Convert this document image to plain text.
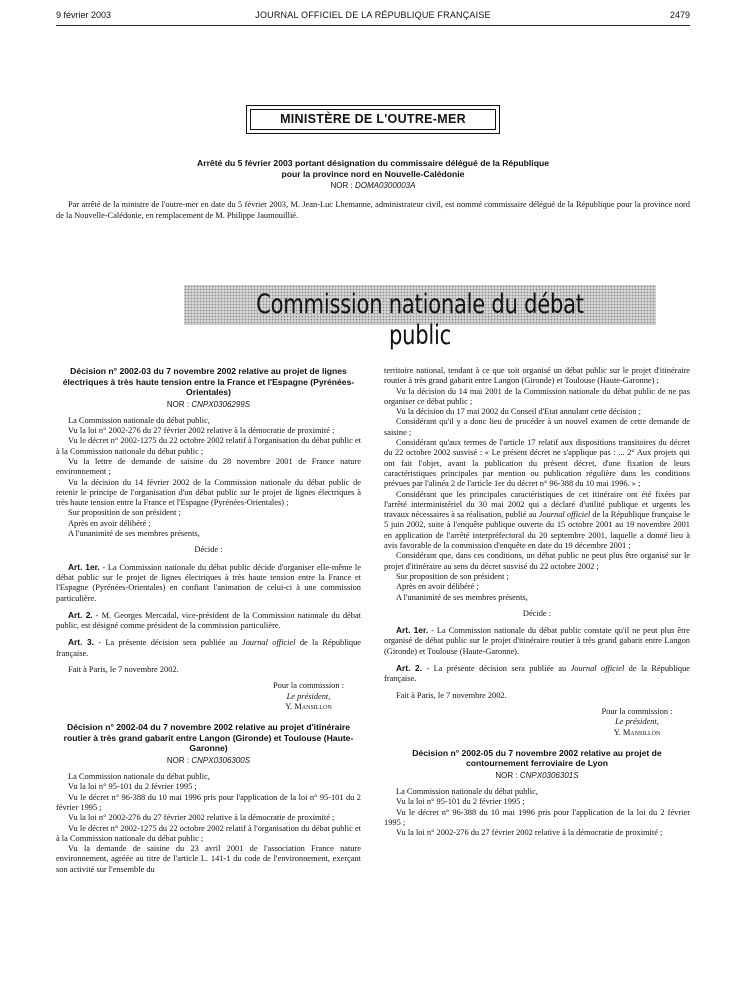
9 février 2003	JOURNAL OFFICIEL DE LA RÉPUBLIQUE FRANÇAISE	2479
MINISTÈRE DE L'OUTRE-MER
Arrêté du 5 février 2003 portant désignation du commissaire délégué de la République
pour la province nord en Nouvelle-Calédonie
NOR : DOMA0300003A

Par arrêté de la ministre de l'outre-mer en date du 5 février 2003, M. Jean-Luc Lhemanne, administrateur civil, est nommé commissaire délégué de la République pour la province nord de la Nouvelle-Calédonie, en remplacement de M. Philippe Jaumouillié.

Commission nationale du débat public
Décision n° 2002-03 du 7 novembre 2002 relative au projet de lignes électriques à très haute tension entre la France et l'Espagne (Pyrénées-Orientales)
NOR : CNPX0306299S

La Commission nationale du débat public,

Vu la loi n° 2002-276 du 27 février 2002 relative à la démocratie de proximité ;

Vu le décret n° 2002-1275 du 22 octobre 2002 relatif à l'organisation du débat public et à la Commission nationale du débat public ;

Vu la lettre de demande de saisine du 28 novembre 2001 de France nature environnement ;

Vu la décision du 14 février 2002 de la Commission nationale du débat public de retenir le principe de l'organisation d'un débat public sur le projet de lignes électriques à très haute tension entre la France et l'Espagne (Pyrénées-Orientales) ;

Sur proposition de son président ;

Après en avoir délibéré ;

A l'unanimité de ses membres présents,

Décide :

Art. 1er. - La Commission nationale du débat public décide d'organiser elle-même le débat public sur le projet de lignes électriques à très haute tension entre la France et l'Espagne (Pyrénées-Orientales) en confiant l'animation de celui-ci à une commission particulière.

Art. 2. - M. Georges Mercadal, vice-président de la Commission nationale du débat public, est désigné comme président de la commission particulière.

Art. 3. - La présente décision sera publiée au Journal officiel de la République française.

Fait à Paris, le 7 novembre 2002.

Pour la commission :
Le président,
Y. Mansillon
Décision n° 2002-04 du 7 novembre 2002 relative au projet d'itinéraire routier à très grand gabarit entre Langon (Gironde) et Toulouse (Haute-Garonne)
NOR : CNPX0306300S

La Commission nationale du débat public,

Vu la loi n° 95-101 du 2 février 1995 ;

Vu le décret n° 96-388 du 10 mai 1996 pris pour l'application de la loi n° 95-101 du 2 février 1995 ;

Vu la loi n° 2002-276 du 27 février 2002 relative à la démocratie de proximité ;

Vu le décret n° 2002-1275 du 22 octobre 2002 relatif à l'organisation du débat public et à la Commission nationale du débat public ;

Vu la demande de saisine du 23 avril 2001 de l'association France nature environnement, agréée au titre de l'article L. 141-1 du code de l'environnement, exerçant son activité sur l'ensemble du

territoire national, tendant à ce que soit organisé un débat public sur le projet d'itinéraire routier à très grand gabarit entre Langon (Gironde) et Toulouse (Haute-Garonne) ;

Vu la décision du 14 mai 2001 de la Commission nationale du débat public de ne pas organiser ce débat public ;

Vu la décision du 17 mai 2002 du Conseil d'Etat annulant cette décision ;

Considérant qu'il y a donc lieu de procéder à un nouvel examen de cette demande de saisine ;

Considérant qu'aux termes de l'article 17 relatif aux dispositions transitoires du décret du 22 octobre 2002 susvisé : « Le présent décret ne s'applique pas : ... 2° Aux projets qui ont fait l'objet, avant la publication du présent décret, d'une fixation de leurs caractéristiques principales par mention ou publication régulière dans les conditions prévues par l'alinéa 2 de l'article 1er du décret n° 96-388 du 10 mai 1996. » ;

Considérant que les principales caractéristiques de cet itinéraire ont été fixées par l'arrêté interministériel du 30 mai 2002 qui a déclaré d'utilité publique et urgents les travaux nécessaires à sa réalisation, publié au Journal officiel de la République française le 5 juin 2002, suite à l'enquête publique ouverte du 15 octobre 2001 au 19 novembre 2001 en application de l'arrêté interpréfectoral du 20 septembre 2001, laquelle a donné lieu à avis favorable de la commission d'enquête en date du 19 décembre 2001 ;

Considérant que, dans ces conditions, un débat public ne peut plus être organisé sur le projet d'itinéraire au sens du décret susvisé du 22 octobre 2002 ;

Sur proposition de son président ;

Après en avoir délibéré ;

A l'unanimité de ses membres présents,

Décide :

Art. 1er. - La Commission nationale du débat public constate qu'il ne peut plus être organisé de débat public sur le projet d'itinéraire routier à très grand gabarit entre Langon (Gironde) et Toulouse (Haute-Garonne).

Art. 2. - La présente décision sera publiée au Journal officiel de la République française.

Fait à Paris, le 7 novembre 2002.

Pour la commission :
Le président,
Y. Mansillon
Décision n° 2002-05 du 7 novembre 2002 relative au projet de contournement ferroviaire de Lyon
NOR : CNPX0306301S

La Commission nationale du débat public,

Vu la loi n° 95-101 du 2 février 1995 ;

Vu le décret n° 96-388 du 10 mai 1996 pris pour l'application de la loi du 2 février 1995 ;

Vu la loi n° 2002-276 du 27 février 2002 relative à la démocratie de proximité ;
